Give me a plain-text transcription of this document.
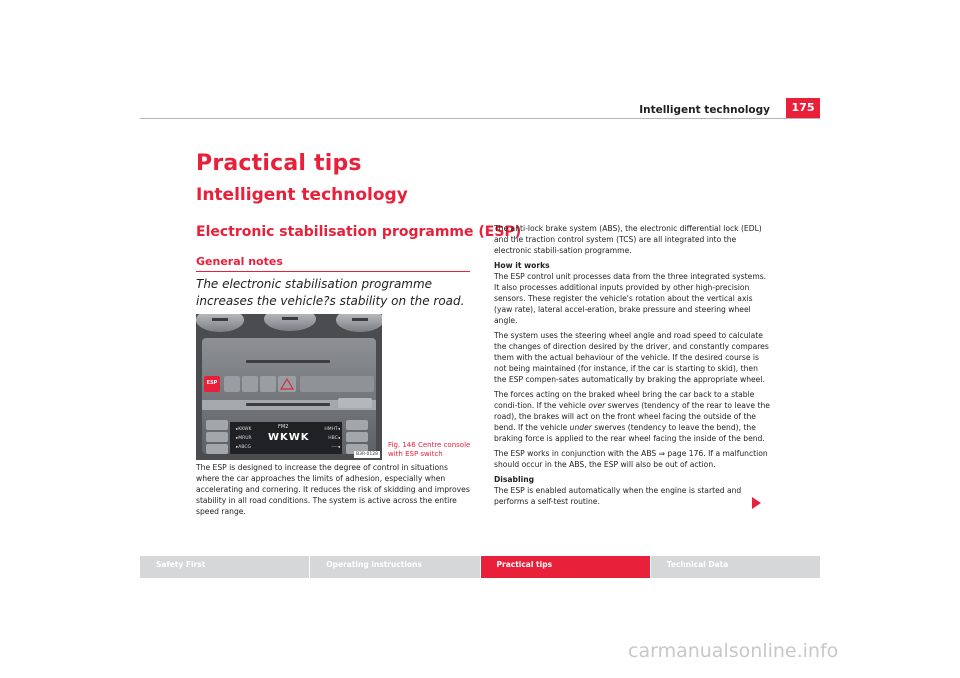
Intelligent technology	175
Practical tips
Intelligent technology
Electronic stabilisation programme (ESP)
General notes
The electronic stabilisation programme increases the vehicle?s stability on the road.
ESP
FM2
WKWK
▸KKWK
▸MRUR
▸ABCG
HMHT◂
HBC◂
----◂
B3R-0128
Fig. 146 Centre console
with ESP switch

The ESP is designed to increase the degree of control in situations where the car approaches the limits of adhesion, especially when accelerating and cornering. It reduces the risk of skidding and improves stability in all road conditions. The system is active across the entire speed range.

The anti-lock brake system (ABS), the electronic differential lock (EDL) and the traction control system (TCS) are all integrated into the electronic stabili-sation programme.

How it works

The ESP control unit processes data from the three integrated systems. It also processes additional inputs provided by other high-precision sensors. These register the vehicle's rotation about the vertical axis (yaw rate), lateral accel-eration, brake pressure and steering wheel angle.

The system uses the steering wheel angle and road speed to calculate the changes of direction desired by the driver, and constantly compares them with the actual behaviour of the vehicle. If the desired course is not being maintained (for instance, if the car is starting to skid), then the ESP compen-sates automatically by braking the appropriate wheel.

The forces acting on the braked wheel bring the car back to a stable condi-tion. If the vehicle over swerves (tendency of the rear to leave the road), the brakes will act on the front wheel facing the outside of the bend. If the vehicle under swerves (tendency to leave the bend), the braking force is applied to the rear wheel facing the inside of the bend.

The ESP works in conjunction with the ABS ⇒ page 176. If a malfunction should occur in the ABS, the ESP will also be out of action.

Disabling

The ESP is enabled automatically when the engine is started and performs a self-test routine.

Safety First	Operating instructions	Practical tips	Technical Data
carmanualsonline.info
